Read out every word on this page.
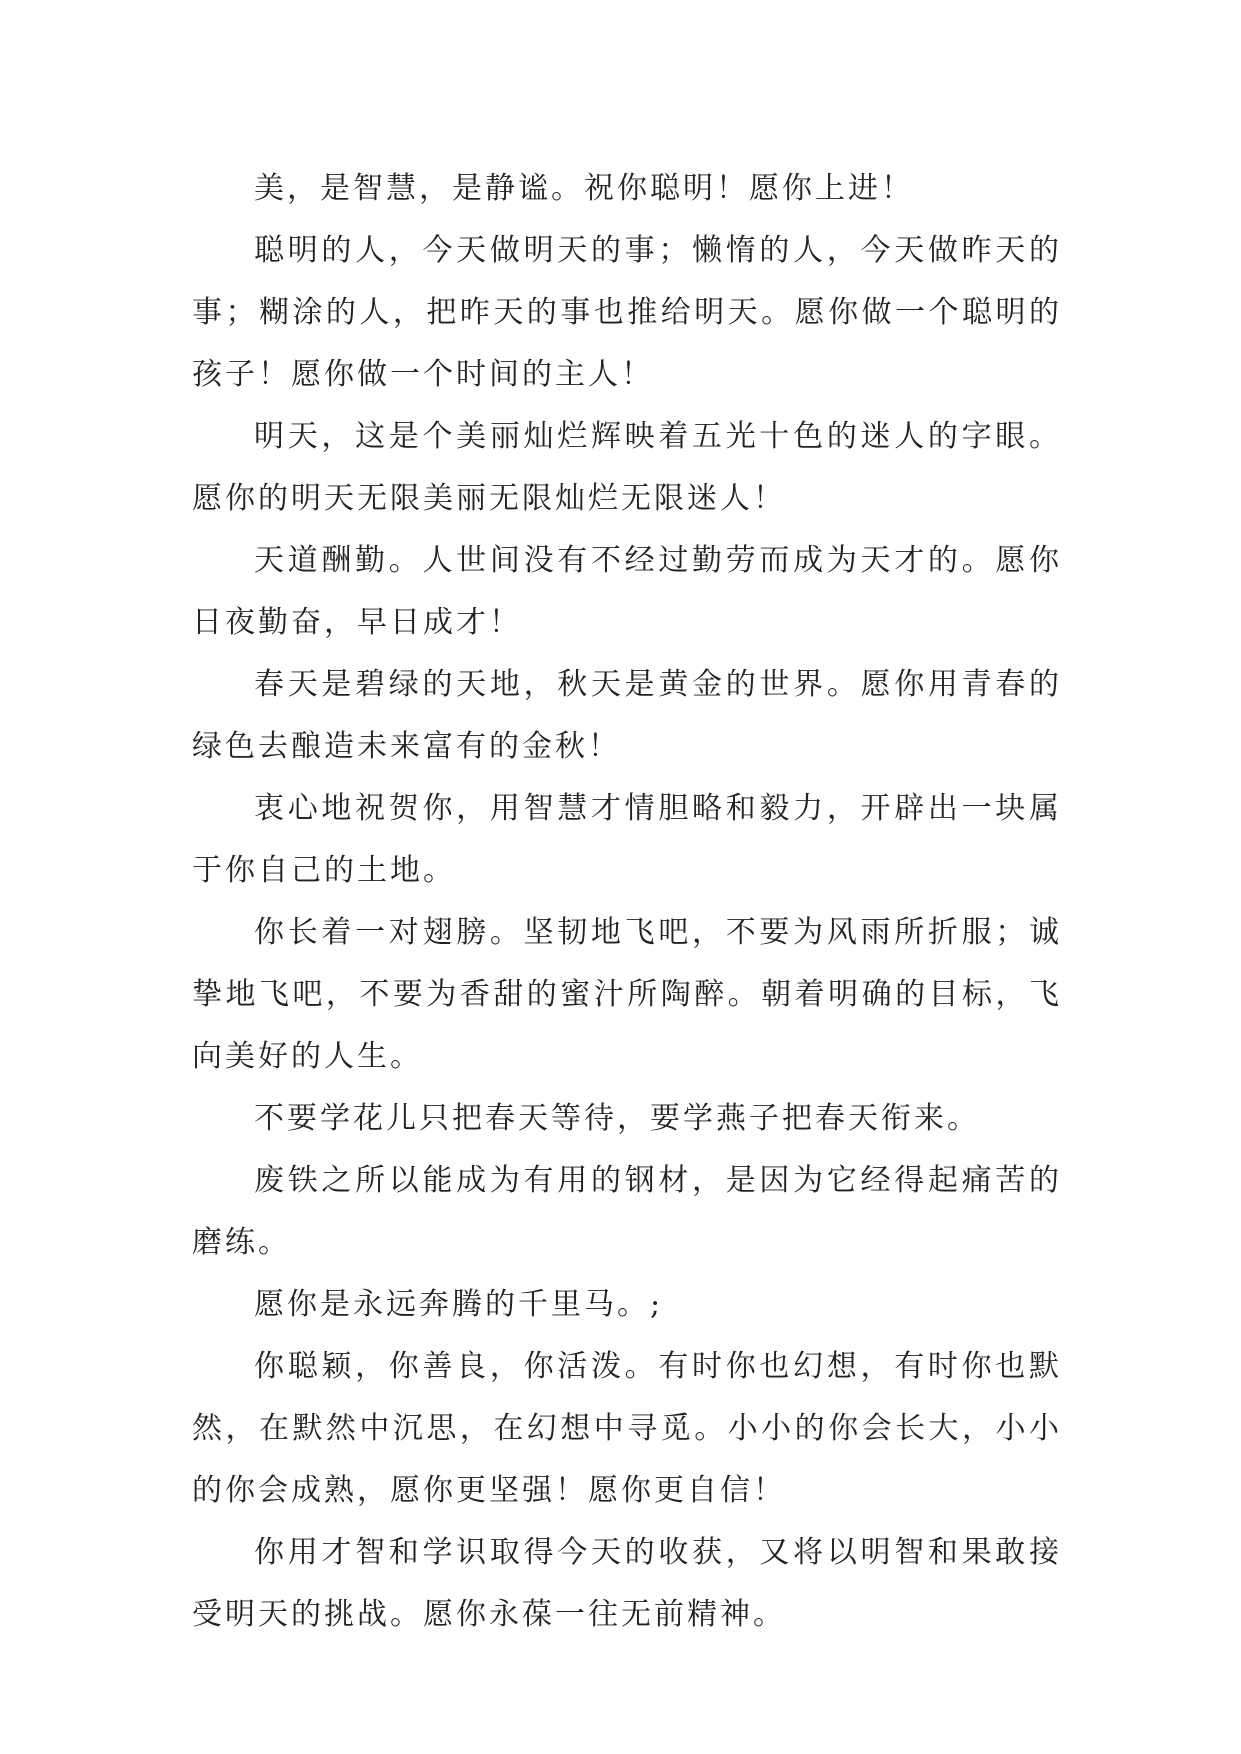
美，是智慧，是静谧。祝你聪明！愿你上进！

聪明的人，今天做明天的事；懒惰的人，今天做昨天的事；糊涂的人，把昨天的事也推给明天。愿你做一个聪明的孩子！愿你做一个时间的主人！

明天，这是个美丽灿烂辉映着五光十色的迷人的字眼。愿你的明天无限美丽无限灿烂无限迷人！

天道酬勤。人世间没有不经过勤劳而成为天才的。愿你日夜勤奋，早日成才！

春天是碧绿的天地，秋天是黄金的世界。愿你用青春的绿色去酿造未来富有的金秋！

衷心地祝贺你，用智慧才情胆略和毅力，开辟出一块属于你自己的土地。

你长着一对翅膀。坚韧地飞吧，不要为风雨所折服；诚挚地飞吧，不要为香甜的蜜汁所陶醉。朝着明确的目标，飞向美好的人生。

不要学花儿只把春天等待，要学燕子把春天衔来。

废铁之所以能成为有用的钢材，是因为它经得起痛苦的磨练。

愿你是永远奔腾的千里马。;

你聪颖，你善良，你活泼。有时你也幻想，有时你也默然，在默然中沉思，在幻想中寻觅。小小的你会长大，小小的你会成熟，愿你更坚强！愿你更自信！

你用才智和学识取得今天的收获，又将以明智和果敢接受明天的挑战。愿你永葆一往无前精神。
